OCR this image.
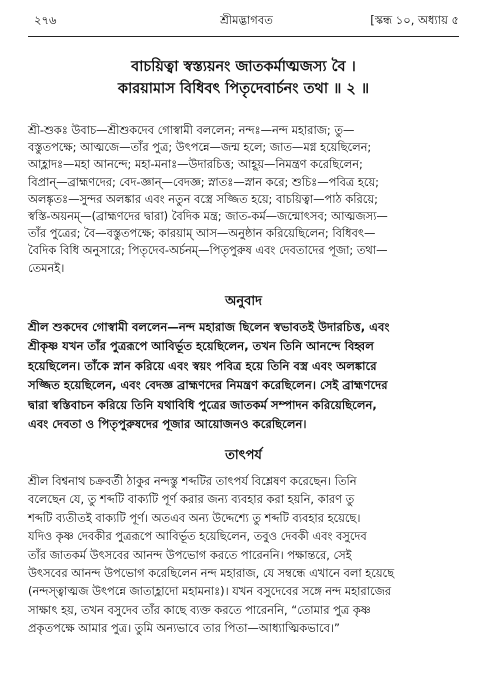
২৭৬	শ্রীমদ্ভাগবত	[স্কন্ধ ১০, অধ্যায় ৫
বাচয়িত্বা স্বস্ত্যয়নং জাতকর্মাত্মজস্য বৈ ।
কারয়ামাস বিধিবৎ পিতৃদেবার্চনং তথা ॥ ২ ॥
শ্রী-শুকঃ উবাচ—শ্রীশুকদেব গোস্বামী বললেন; নন্দঃ—নন্দ মহারাজ; তু—
বস্তুতপক্ষে; আত্মজে—তাঁর পুত্র; উৎপন্নে—জন্ম হলে; জাত—মগ্ন হয়েছিলেন;
আহ্লাদঃ—মহা আনন্দে; মহা-মনাঃ—উদারচিত্ত; আহূয়—নিমন্ত্রণ করেছিলেন;
বিপ্রান্—ব্রাহ্মণদের; বেদ-জ্ঞান্—বেদজ্ঞ; স্নাতঃ—স্নান করে; শুচিঃ—পবিত্র হয়ে;
অলঙ্কৃতঃ—সুন্দর অলঙ্কার এবং নতুন বস্ত্রে সজ্জিত হয়ে; বাচয়িত্বা—পাঠ করিয়ে;
স্বস্তি-অয়নম্—(ব্রাহ্মণদের দ্বারা) বৈদিক মন্ত্র; জাত-কর্ম—জন্মোৎসব; আত্মজস্য—
তাঁর পুত্রের; বৈ—বস্তুতপক্ষে; কারয়াম্ আস—অনুষ্ঠান করিয়েছিলেন; বিধিবৎ—
বৈদিক বিধি অনুসারে; পিতৃদেব-অর্চনম্—পিতৃপুরুষ এবং দেবতাদের পূজা; তথা—
তেমনই।
অনুবাদ
শ্রীল শুকদেব গোস্বামী বললেন—নন্দ মহারাজ ছিলেন স্বভাবতই উদারচিত্ত, এবং
শ্রীকৃষ্ণ যখন তাঁর পুত্ররূপে আবির্ভূত হয়েছিলেন, তখন তিনি আনন্দে বিহ্বল
হয়েছিলেন। তাঁকে স্নান করিয়ে এবং স্বয়ং পবিত্র হয়ে তিনি বস্ত্র এবং অলঙ্কারে
সজ্জিত হয়েছিলেন, এবং বেদজ্ঞ ব্রাহ্মণদের নিমন্ত্রণ করেছিলেন। সেই ব্রাহ্মণদের
দ্বারা স্বস্তিবাচন করিয়ে তিনি যথাবিধি পুত্রের জাতকর্ম সম্পাদন করিয়েছিলেন,
এবং দেবতা ও পিতৃপুরুষদের পূজার আয়োজনও করেছিলেন।
তাৎপর্য
শ্রীল বিশ্বনাথ চক্রবর্তী ঠাকুর নন্দস্তু শব্দটির তাৎপর্য বিশ্লেষণ করেছেন। তিনি
বলেছেন যে, তু শব্দটি বাক্যটি পূর্ণ করার জন্য ব্যবহার করা হয়নি, কারণ তু
শব্দটি ব্যতীতই বাক্যটি পূর্ণ। অতএব অন্য উদ্দেশ্যে তু শব্দটি ব্যবহার হয়েছে।
যদিও কৃষ্ণ দেবকীর পুত্ররূপে আবির্ভূত হয়েছিলেন, তবুও দেবকী এবং বসুদেব
তাঁর জাতকর্ম উৎসবের আনন্দ উপভোগ করতে পারেননি। পক্ষান্তরে, সেই
উৎসবের আনন্দ উপভোগ করেছিলেন নন্দ মহারাজ, যে সম্বন্ধে এখানে বলা হয়েছে
(নন্দস্ত্বাত্মজ উৎপন্নে জাতাহ্লাদো মহামনাঃ)। যখন বসুদেবের সঙ্গে নন্দ মহারাজের
সাক্ষাৎ হয়, তখন বসুদেব তাঁর কাছে ব্যক্ত করতে পারেননি, “তোমার পুত্র কৃষ্ণ
প্রকৃতপক্ষে আমার পুত্র। তুমি অন্যভাবে তার পিতা—আধ্যাত্মিকভাবে।”
